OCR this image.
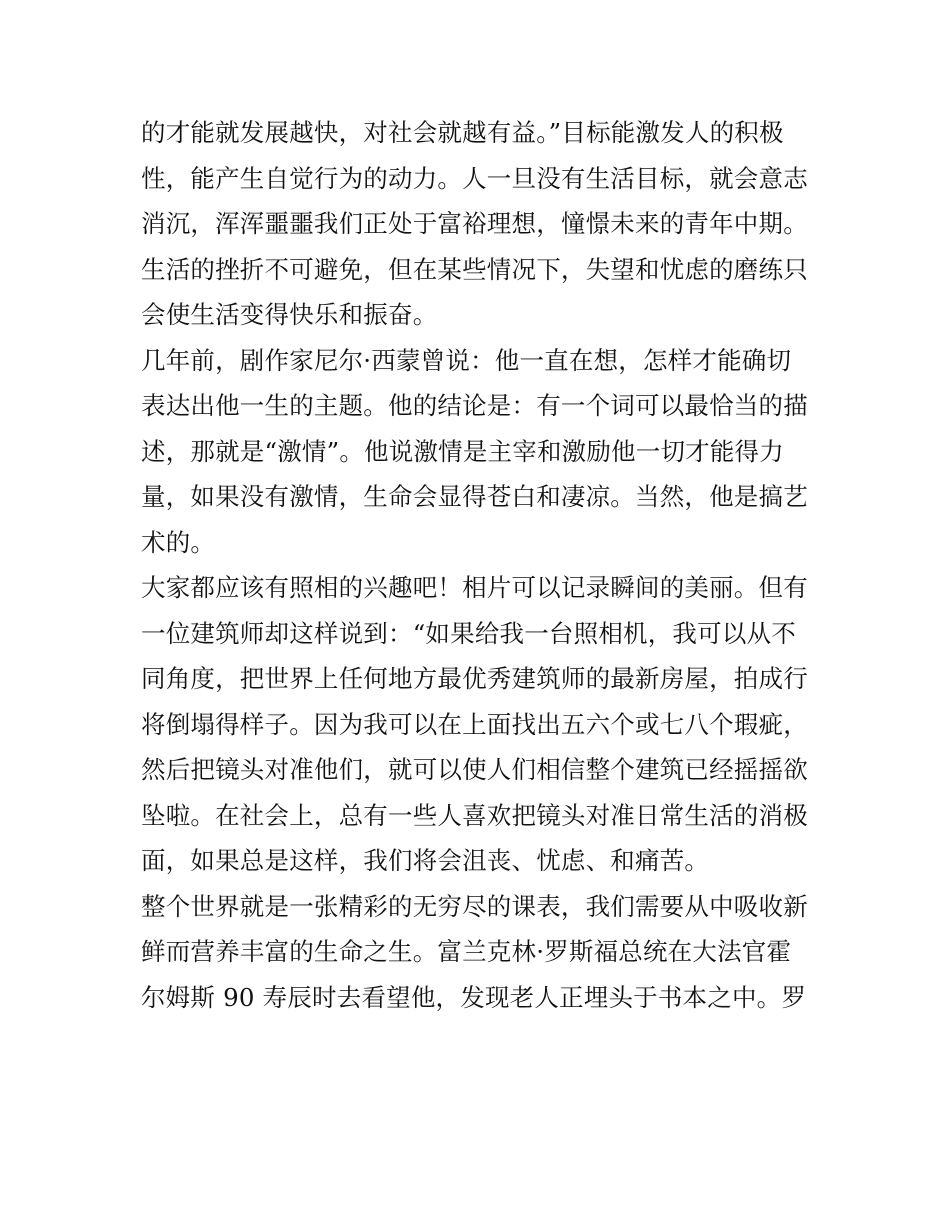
的才能就发展越快，对社会就越有益。”目标能激发人的积极
性，能产生自觉行为的动力。人一旦没有生活目标，就会意志
消沉，浑浑噩噩我们正处于富裕理想，憧憬未来的青年中期。
生活的挫折不可避免，但在某些情况下，失望和忧虑的磨练只
会使生活变得快乐和振奋。
几年前，剧作家尼尔·西蒙曾说：他一直在想，怎样才能确切
表达出他一生的主题。他的结论是：有一个词可以最恰当的描
述，那就是“激情”。他说激情是主宰和激励他一切才能得力
量，如果没有激情，生命会显得苍白和凄凉。当然，他是搞艺
术的。
大家都应该有照相的兴趣吧！相片可以记录瞬间的美丽。但有
一位建筑师却这样说到：“如果给我一台照相机，我可以从不
同角度，把世界上任何地方最优秀建筑师的最新房屋，拍成行
将倒塌得样子。因为我可以在上面找出五六个或七八个瑕疵，
然后把镜头对准他们，就可以使人们相信整个建筑已经摇摇欲
坠啦。在社会上，总有一些人喜欢把镜头对准日常生活的消极
面，如果总是这样，我们将会沮丧、忧虑、和痛苦。
整个世界就是一张精彩的无穷尽的课表，我们需要从中吸收新
鲜而营养丰富的生命之生。富兰克林·罗斯福总统在大法官霍
尔姆斯 90 寿辰时去看望他，发现老人正埋头于书本之中。罗
